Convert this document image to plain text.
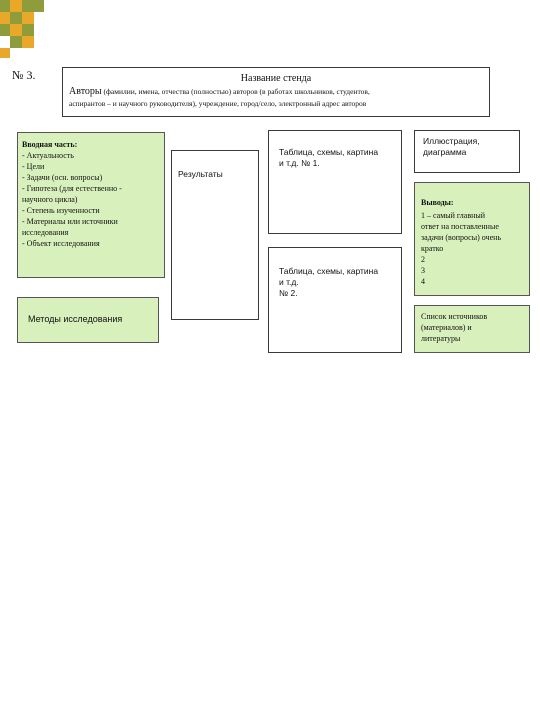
№ 3.	Название стенда
Авторы (фамилии, имена, отчества (полностью) авторов (в работах школьников, студентов,
аспирантов – и научного руководителя), учреждение, город/село, электронный адрес авторов
Вводная часть:
- Актуальность
- Цели
- Задачи (осн. вопросы)
- Гипотеза (для естественно -
научного цикла)
- Степень изученности
- Материалы или источники
исследования
- Объект исследования
Методы исследования
Результаты
Таблица, схемы, картина
и т.д. № 1.
Таблица, схемы, картина
и т.д.
№ 2.
Иллюстрация,
диаграмма
Выводы:
1 – самый главный
ответ на поставленные
задачи (вопросы) очень
кратко
2
3
4
Список источников
(материалов) и
литературы
